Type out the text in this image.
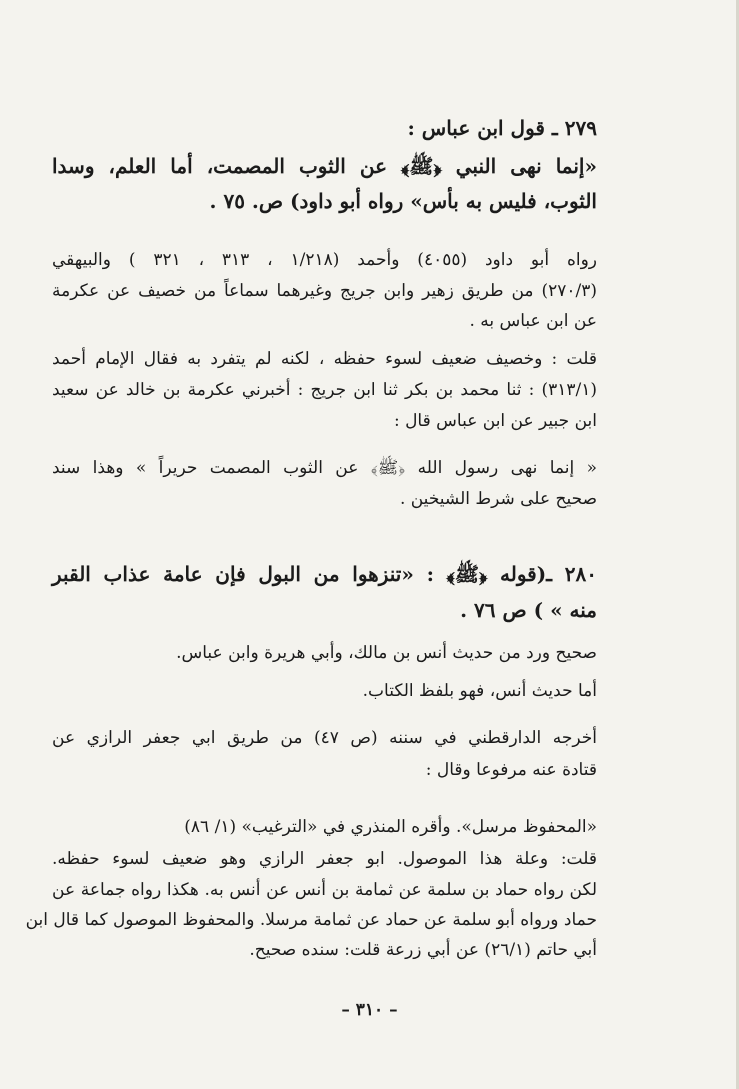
٢٧٩ ـ قول ابن عباس :
«إنما نهى النبي ﴿ﷺ﴾ عن الثوب المصمت، أما العلم، وسدا
الثوب، فليس به بأس» رواه أبو داود) ص. ٧٥ .
رواه أبو داود (٤٠٥٥) وأحمد (١/٢١٨ ، ٣١٣ ، ٣٢١ ) والبيهقي
(٢٧٠/٣) من طريق زهير وابن جريج وغيرهما سماعاً من خصيف عن عكرمة
عن ابن عباس به .
قلت : وخصيف ضعيف لسوء حفظه ، لكنه لم يتفرد به فقال الإمام أحمد
(٣١٣/١) : ثنا محمد بن بكر ثنا ابن جريج : أخبرني عكرمة بن خالد عن سعيد
ابن جبير عن ابن عباس قال :
« إنما نهى رسول الله ﴿ﷺ﴾ عن الثوب المصمت حريراً » وهذا سند
صحيح على شرط الشيخين .
٢٨٠ ـ(قوله ﴿ﷺ﴾ : «تنزهوا من البول فإن عامة عذاب القبر
منه » ) ص ٧٦ .
صحيح ورد من حديث أنس بن مالك، وأبي هريرة وابن عباس.
أما حديث أنس، فهو بلفظ الكتاب.
أخرجه الدارقطني في سننه (ص ٤٧) من طريق ابي جعفر الرازي عن
قتادة عنه مرفوعا وقال :
«المحفوظ مرسل». وأقره المنذري في «الترغيب» (١/ ٨٦)
قلت: وعلة هذا الموصول. ابو جعفر الرازي وهو ضعيف لسوء حفظه.
لكن رواه حماد بن سلمة عن ثمامة بن أنس عن أنس به. هكذا رواه جماعة عن
حماد ورواه أبو سلمة عن حماد عن ثمامة مرسلا. والمحفوظ الموصول كما قال ابن
أبي حاتم (٢٦/١) عن أبي زرعة قلت: سنده صحيح.
– ٣١٠ –
